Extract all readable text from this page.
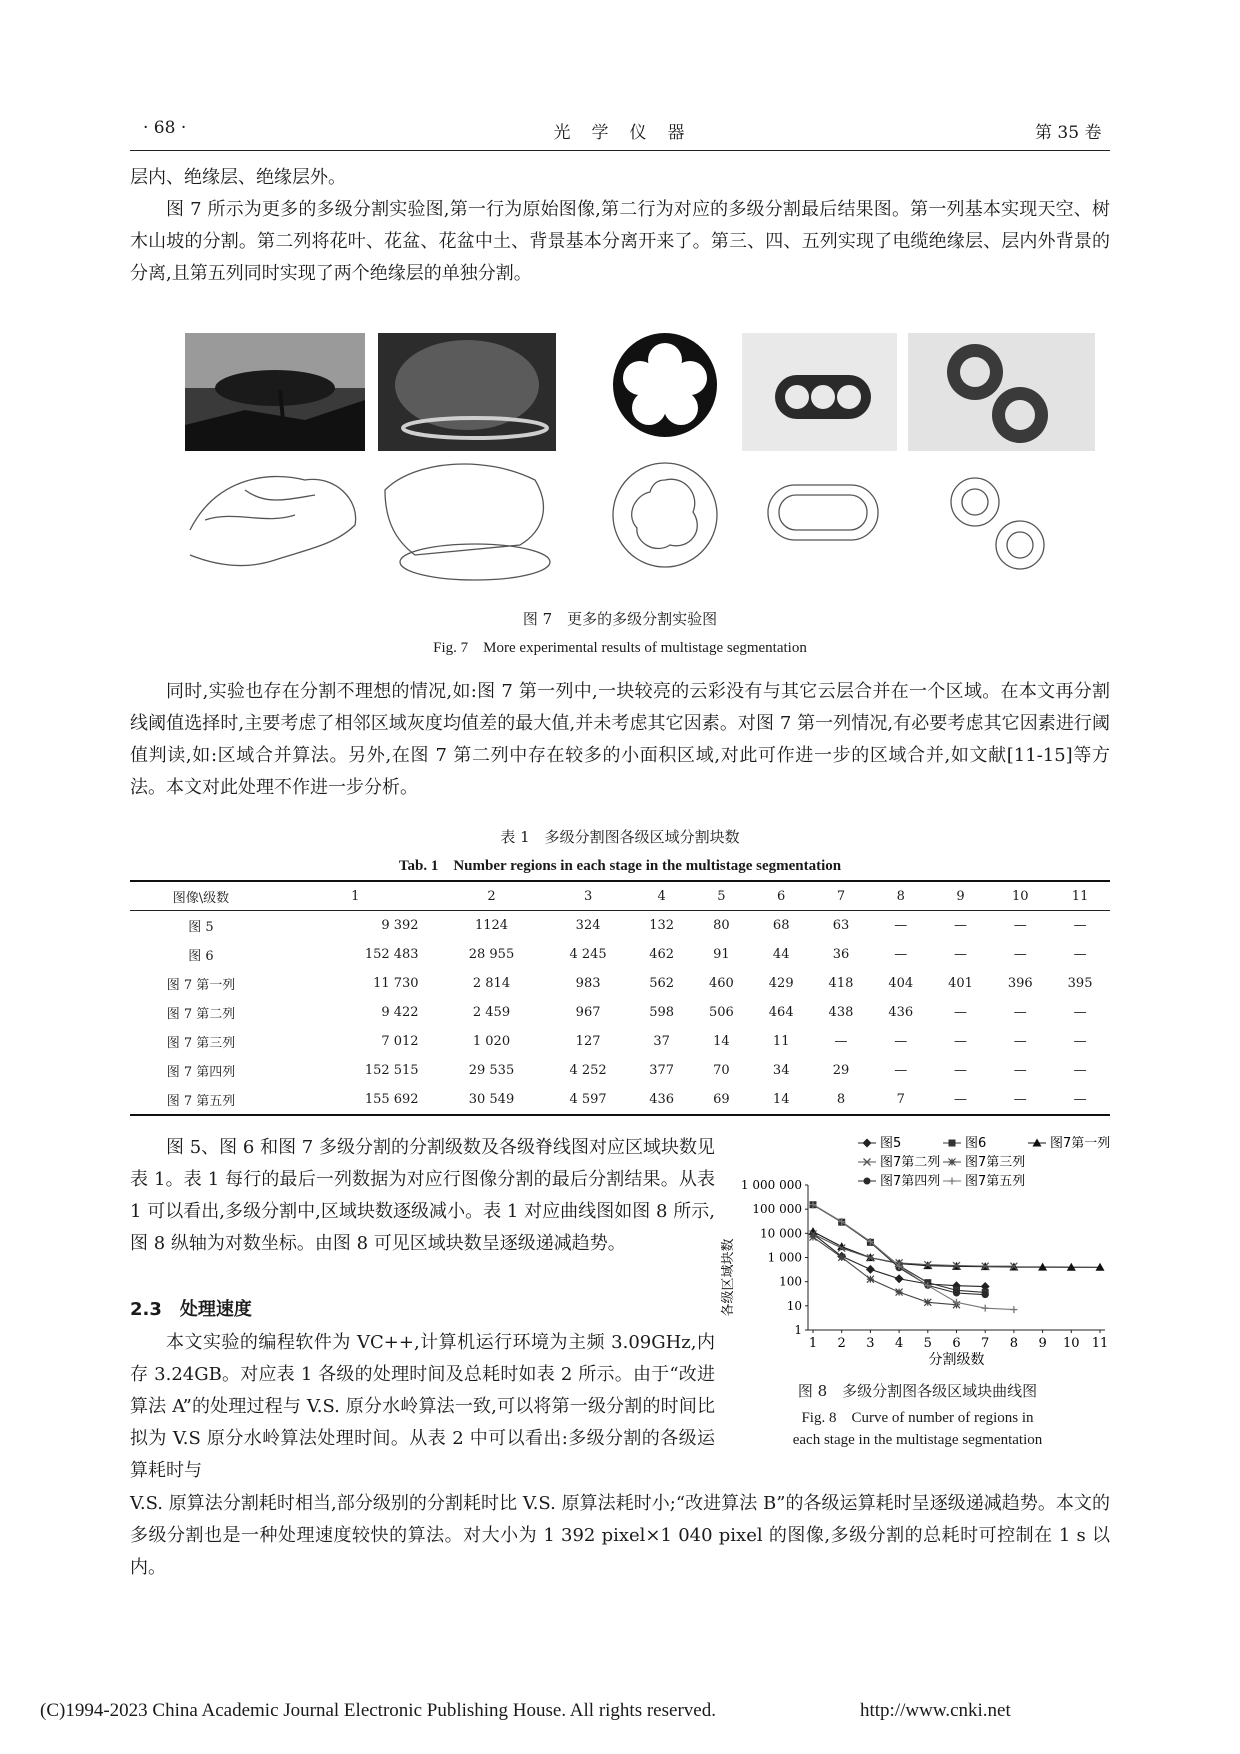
· 68 ·	光　学　仪　器	第 35 卷
层内、绝缘层、绝缘层外。
图 7 所示为更多的多级分割实验图,第一行为原始图像,第二行为对应的多级分割最后结果图。第一列基本实现天空、树木山坡的分割。第二列将花叶、花盆、花盆中土、背景基本分离开来了。第三、四、五列实现了电缆绝缘层、层内外背景的分离,且第五列同时实现了两个绝缘层的单独分割。
图 7　更多的多级分割实验图
Fig. 7　More experimental results of multistage segmentation
同时,实验也存在分割不理想的情况,如:图 7 第一列中,一块较亮的云彩没有与其它云层合并在一个区域。在本文再分割线阈值选择时,主要考虑了相邻区域灰度均值差的最大值,并未考虑其它因素。对图 7 第一列情况,有必要考虑其它因素进行阈值判读,如:区域合并算法。另外,在图 7 第二列中存在较多的小面积区域,对此可作进一步的区域合并,如文献[11-15]等方法。本文对此处理不作进一步分析。
表 1　多级分割图各级区域分割块数
Tab. 1　Number regions in each stage in the multistage segmentation
图像\级数	1	2	3	4	5	6	7	8	9	10	11
图 5	9 392	1124	324	132	80	68	63	—	—	—	—
图 6	152 483	28 955	4 245	462	91	44	36	—	—	—	—
图 7 第一列	11 730	2 814	983	562	460	429	418	404	401	396	395
图 7 第二列	9 422	2 459	967	598	506	464	438	436	—	—	—
图 7 第三列	7 012	1 020	127	37	14	11	—	—	—	—	—
图 7 第四列	152 515	29 535	4 252	377	70	34	29	—	—	—	—
图 7 第五列	155 692	30 549	4 597	436	69	14	8	7	—	—	—
图 5、图 6 和图 7 多级分割的分割级数及各级脊线图对应区域块数见表 1。表 1 每行的最后一列数据为对应行图像分割的最后分割结果。从表 1 可以看出,多级分割中,区域块数逐级减小。表 1 对应曲线图如图 8 所示,图 8 纵轴为对数坐标。由图 8 可见区域块数呈逐级递减趋势。
2.3　处理速度
本文实验的编程软件为 VC++,计算机运行环境为主频 3.09GHz,内存 3.24GB。对应表 1 各级的处理时间及总耗时如表 2 所示。由于“改进算法 A”的处理过程与 V.S. 原分水岭算法一致,可以将第一级分割的时间比拟为 V.S 原分水岭算法处理时间。从表 2 中可以看出:多级分割的各级运算耗时与
1
10
100
1 000
10 000
100 000
1 000 000
1 2 3 4 5 6 7 8 9 10 11
分割级数
各级区域块数
图5	图6	图7第一列
图7第二列 图7第三列
图7第四列 图7第五列
图 8　多级分割图各级区域块曲线图
Fig. 8　Curve of number of regions in
each stage in the multistage segmentation
V.S. 原算法分割耗时相当,部分级别的分割耗时比 V.S. 原算法耗时小;“改进算法 B”的各级运算耗时呈逐级递减趋势。本文的多级分割也是一种处理速度较快的算法。对大小为 1 392 pixel×1 040 pixel 的图像,多级分割的总耗时可控制在 1 s 以内。
(C)1994-2023 China Academic Journal Electronic Publishing House. All rights reserved.	http://www.cnki.net
